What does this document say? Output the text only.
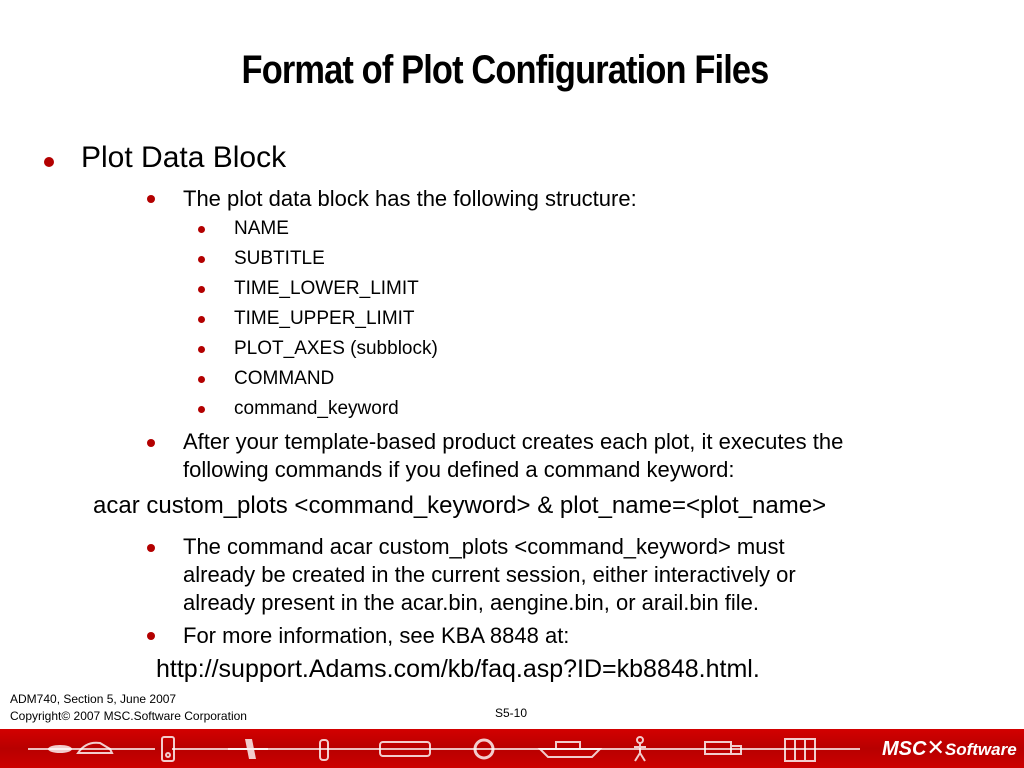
Format of Plot Configuration Files
Plot Data Block
The plot data block has the following structure:
NAME
SUBTITLE
TIME_LOWER_LIMIT
TIME_UPPER_LIMIT
PLOT_AXES (subblock)
COMMAND
command_keyword
After your template-based product creates each plot, it executes the
following commands if you defined a command keyword:
acar custom_plots <command_keyword> & plot_name=<plot_name>
The command acar custom_plots <command_keyword> must
already be created in the current session, either interactively or
already present in the acar.bin, aengine.bin, or arail.bin file.
For more information, see KBA 8848 at:
http://support.Adams.com/kb/faq.asp?ID=kb8848.html.
ADM740, Section 5, June 2007
Copyright© 2007 MSC.Software Corporation	S5-10
MSC✕Software
